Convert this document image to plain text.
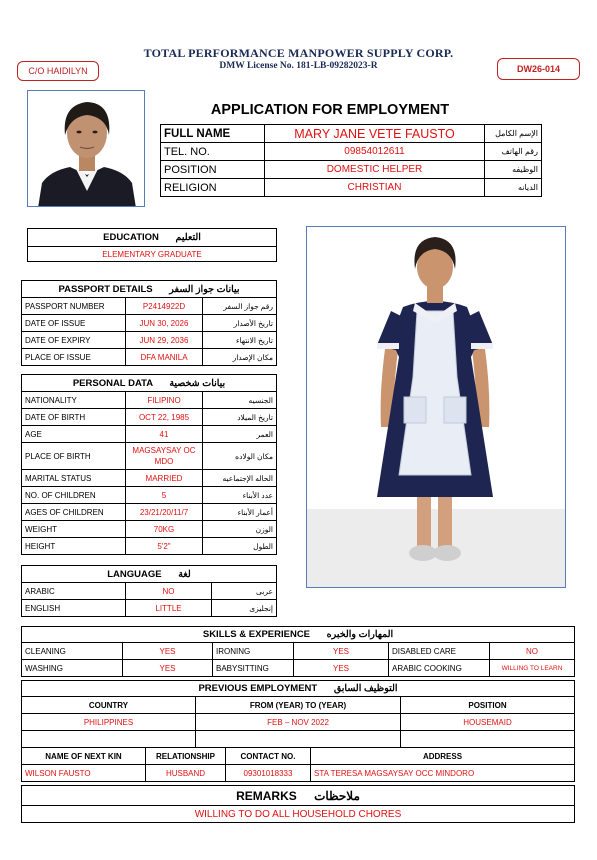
TOTAL PERFORMANCE MANPOWER SUPPLY CORP.
DMW License No. 181-LB-09282023-R
C/O HAIDILYN	DW26-014
APPLICATION FOR EMPLOYMENT
FULL NAME	MARY JANE VETE FAUSTO	الإسم الكامل
TEL. NO.	09854012611	رقم الهاتف
POSITION	DOMESTIC HELPER	الوظيفه
RELIGION	CHRISTIAN	الديانه
EDUCATION التعليم
ELEMENTARY GRADUATE
PASSPORT DETAILS بيانات جواز السفر		
PASSPORT NUMBER	P2414922D	رقم جواز السفر
DATE OF ISSUE	JUN 30, 2026	تاريخ الأصدار
DATE OF EXPIRY	JUN 29, 2036	تاريخ الانتهاء
PLACE OF ISSUE	DFA MANILA	مكان الإصدار
PERSONAL DATA بيانات شخصية		
NATIONALITY	FILIPINO	الجنسيه
DATE OF BIRTH	OCT 22, 1985	تاريخ الميلاد
AGE	41	العمر
PLACE OF BIRTH	MAGSAYSAY OC MDO	مكان الولاده
MARITAL STATUS	MARRIED	الحاله الإجتماعيه
NO. OF CHILDREN	5	عدد الأبناء
AGES OF CHILDREN	23/21/20/11/7	أعمار الأبناء
WEIGHT	70KG	الوزن
HEIGHT	5'2"	الطول
LANGUAGE لغة		
ARABIC	NO	عربى
ENGLISH	LITTLE	إنجليزى
SKILLS & EXPERIENCE المهارات والخبره					
CLEANING	YES	IRONING	YES	DISABLED CARE	NO
WASHING	YES	BABYSITTING	YES	ARABIC COOKING	WILLING TO LEARN
PREVIOUS EMPLOYMENT التوظيف السابق		
COUNTRY	FROM (YEAR) TO (YEAR)	POSITION
PHILIPPINES	FEB – NOV 2022	HOUSEMAID

NAME OF NEXT KIN	RELATIONSHIP	CONTACT NO.	ADDRESS
WILSON FAUSTO	HUSBAND	09301018333	STA TERESA MAGSAYSAY OCC MINDORO
REMARKS ملاحظات
WILLING TO DO ALL HOUSEHOLD CHORES
